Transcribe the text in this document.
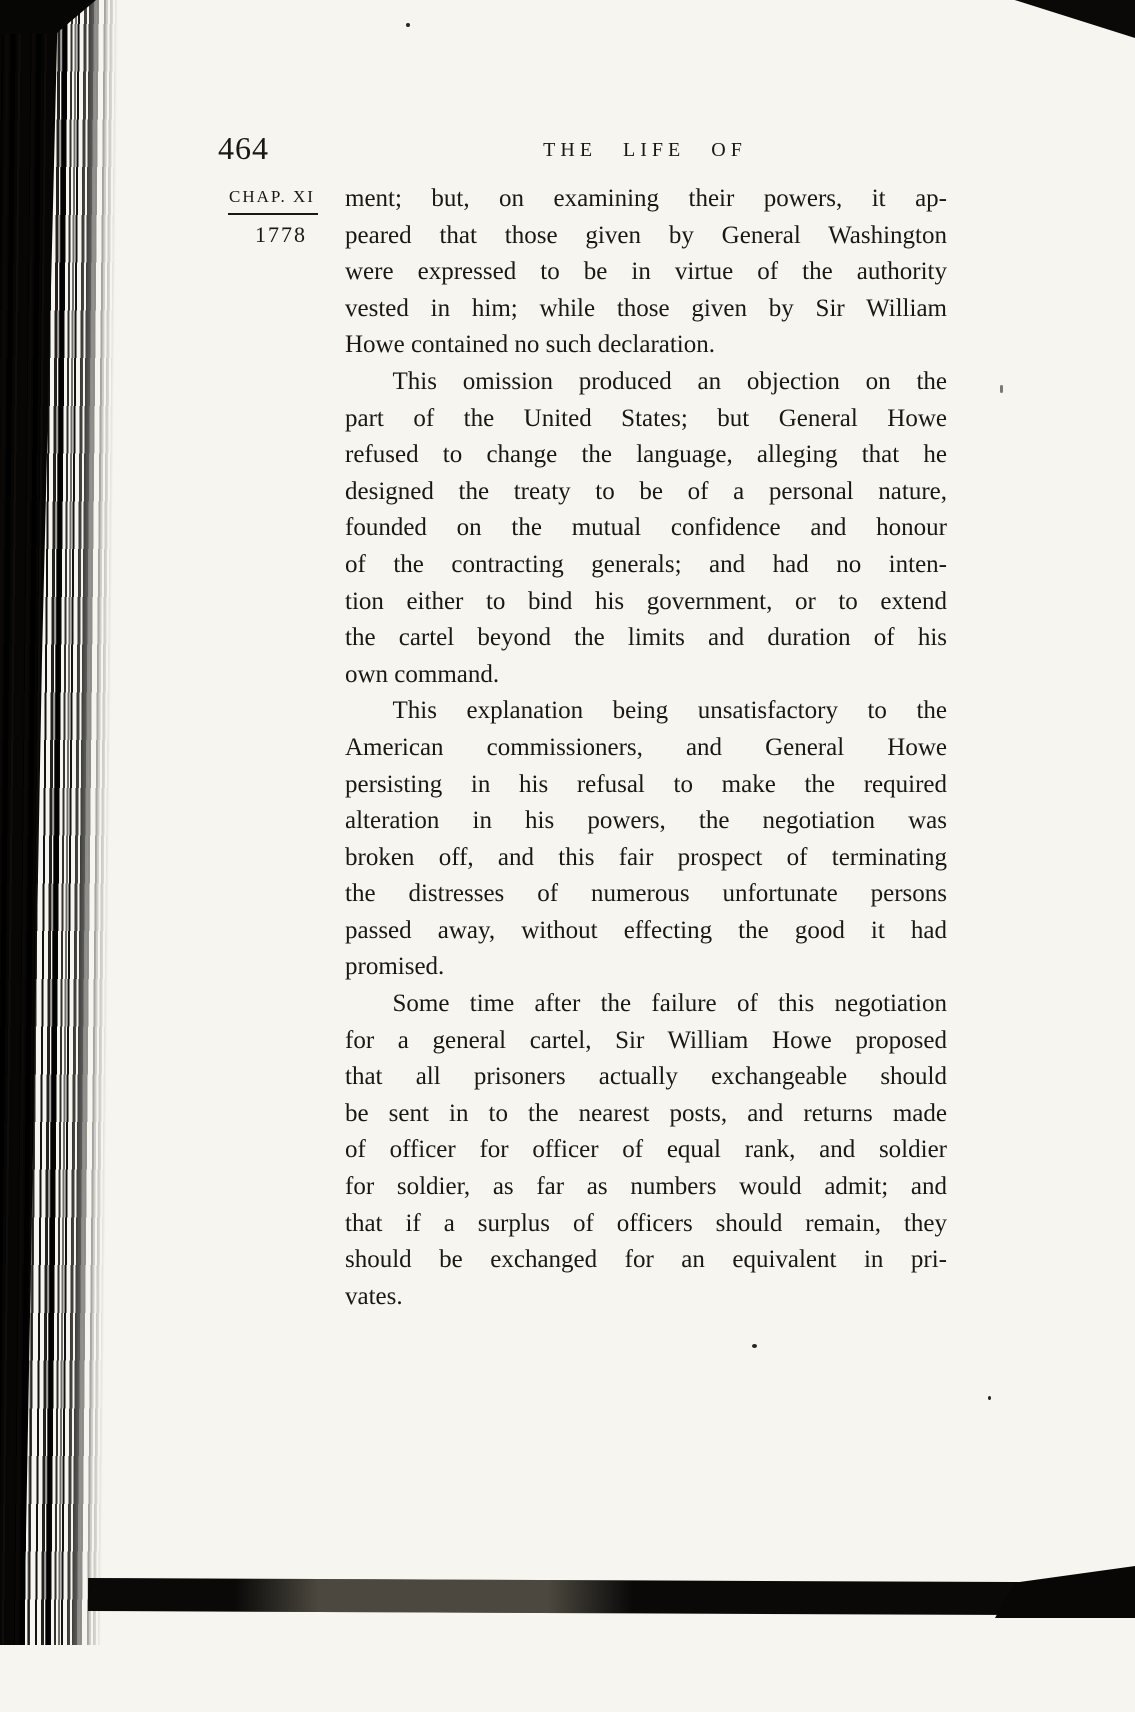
464	THE LIFE OF
CHAP. XI
1778

ment; but, on examining their powers, it ap-
peared that those given by General Washington
were expressed to be in virtue of the authority
vested in him; while those given by Sir William
Howe contained no such declaration.

This omission produced an objection on the
part of the United States; but General Howe
refused to change the language, alleging that he
designed the treaty to be of a personal nature,
founded on the mutual confidence and honour
of the contracting generals; and had no inten-
tion either to bind his government, or to extend
the cartel beyond the limits and duration of his
own command.

This explanation being unsatisfactory to the
American commissioners, and General Howe
persisting in his refusal to make the required
alteration in his powers, the negotiation was
broken off, and this fair prospect of terminating
the distresses of numerous unfortunate persons
passed away, without effecting the good it had
promised.

Some time after the failure of this negotiation
for a general cartel, Sir William Howe proposed
that all prisoners actually exchangeable should
be sent in to the nearest posts, and returns made
of officer for officer of equal rank, and soldier
for soldier, as far as numbers would admit; and
that if a surplus of officers should remain, they
should be exchanged for an equivalent in pri-
vates.
